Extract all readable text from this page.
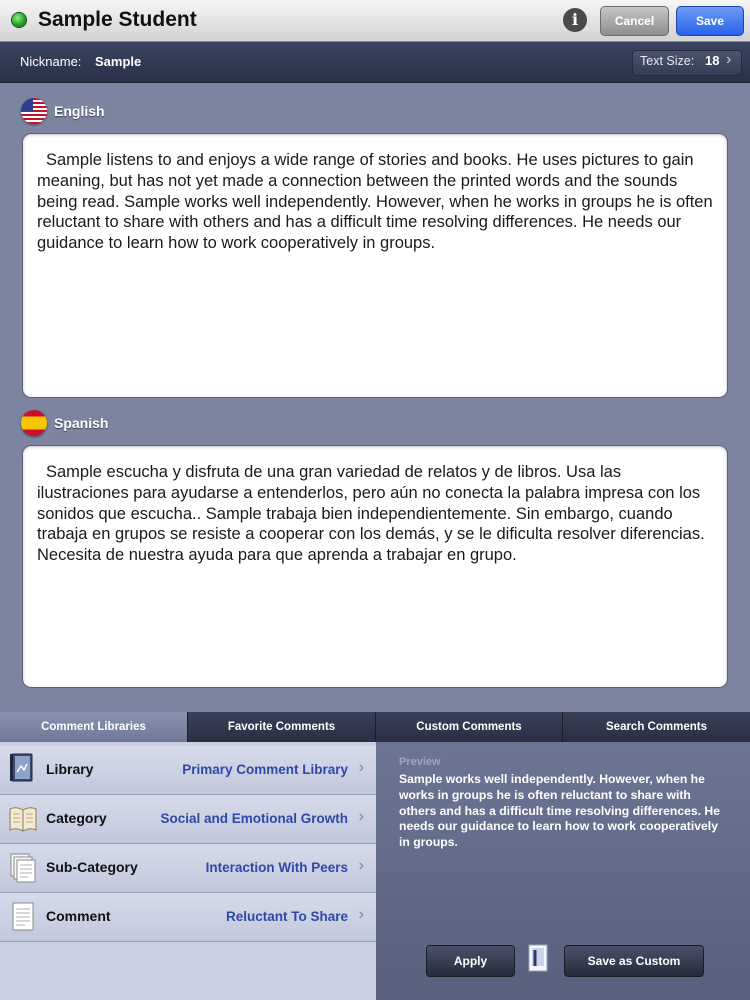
Sample Student	i	Cancel	Save
Nickname: Sample	Text Size: 18 ›
English
Sample listens to and enjoys a wide range of stories and books. He uses pictures to gain meaning, but has not yet made a connection between the printed words and the sounds being read. Sample works well independently. However, when he works in groups he is often reluctant to share with others and has a difficult time resolving differences. He needs our guidance to learn how to work cooperatively in groups.
Spanish
Sample escucha y disfruta de una gran variedad de relatos y de libros. Usa las ilustraciones para ayudarse a entenderlos, pero aún no conecta la palabra impresa con los sonidos que escucha.. Sample trabaja bien independientemente. Sin embargo, cuando trabaja en grupos se resiste a cooperar con los demás, y se le dificulta resolver diferencias. Necesita de nuestra ayuda para que aprenda a trabajar en grupo.
Comment Libraries	Favorite Comments	Custom Comments	Search Comments
Library	Primary Comment Library ›
Category	Social and Emotional Growth ›
Sub-Category	Interaction With Peers ›
Comment	Reluctant To Share ›
Preview
Sample works well independently. However, when he works in groups he is often reluctant to share with others and has a difficult time resolving differences. He needs our guidance to learn how to work cooperatively in groups.
Apply	Save as Custom
